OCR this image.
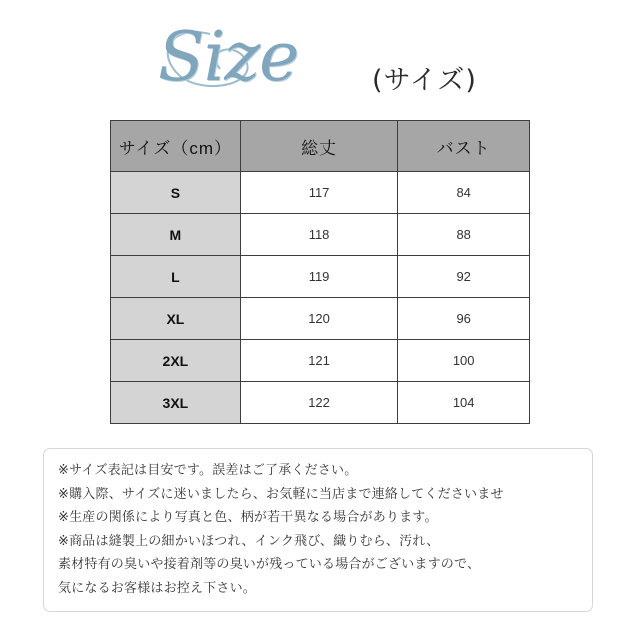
Size	(サイズ)
サイズ（cm）	総丈	バスト
S	117	84
M	118	88
L	119	92
XL	120	96
2XL	121	100
3XL	122	104
※サイズ表記は目安です。誤差はご了承ください。
※購入際、サイズに迷いましたら、お気軽に当店まで連絡してくださいませ
※生産の関係により写真と色、柄が若干異なる場合があります。
※商品は縫製上の細かいほつれ、インク飛び、織りむら、汚れ、
素材特有の臭いや接着剤等の臭いが残っている場合がございますので、
気になるお客様はお控え下さい。
